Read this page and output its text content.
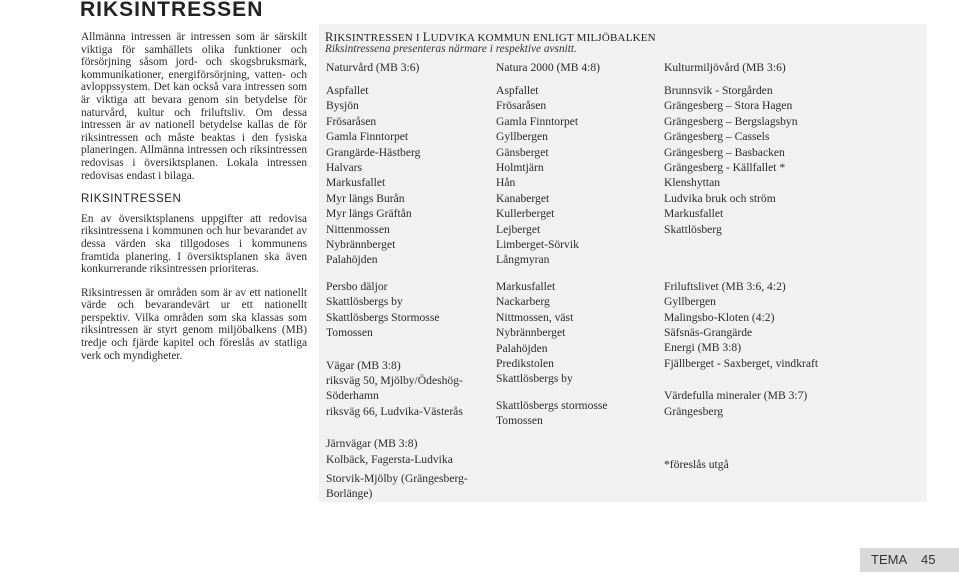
RIKSINTRESSEN

Allmänna intressen är intressen som är särskilt viktiga för samhällets olika funktioner och försörjning såsom jord- och skogsbruksmark, kommunikationer, energiförsörjning, vatten- och avloppssystem. Det kan också vara intressen som är viktiga att bevara genom sin betydelse för naturvård, kultur och friluftsliv. Om dessa intressen är av nationell betydelse kallas de för riksintressen och måste beaktas i den fysiska planeringen. Allmänna intressen och riksintressen redovisas i översiktsplanen. Lokala intressen redovisas endast i bilaga.

RIKSINTRESSEN

En av översiktsplanens uppgifter att redovisa riksintressena i kommunen och hur bevarandet av dessa värden ska tillgodoses i kommunens framtida planering. I översiktsplanen ska även konkurrerande riksintressen prioriteras.

Riksintressen är områden som är av ett nationellt värde och bevarandevärt ur ett nationellt perspektiv. Vilka områden som ska klassas som riksintressen är styrt genom miljöbalkens (MB) tredje och fjärde kapitel och föreslås av statliga verk och myndigheter.

RIKSINTRESSEN I LUDVIKA KOMMUN ENLIGT MILJÖBALKEN
Riksintressena presenteras närmare i respektive avsnitt.
Naturvård (MB 3:6)
Aspfallet
Bysjön
Frösaråsen
Gamla Finntorpet
Grangärde-Hästberg
Halvars
Markusfallet
Myr längs Burån
Myr längs Gräftån
Nittenmossen
Nybrännberget
Palahöjden
Persbo däljor
Skattlösbergs by
Skattlösbergs Stormosse
Tomossen
Vägar (MB 3:8)
riksväg 50, Mjölby/Ödeshög-Söderhamn
riksväg 66, Ludvika-Västerås
Järnvägar (MB 3:8)
Kolbäck, Fagersta-Ludvika
Storvik-Mjölby (Grängesberg-Borlänge)
Natura 2000 (MB 4:8)
Aspfallet
Frösaråsen
Gamla Finntorpet
Gyllbergen
Gänsberget
Holmtjärn
Hån
Kanaberget
Kullerberget
Lejberget
Limberget-Sörvik
Långmyran
Markusfallet
Nackarberg
Nittmossen, väst
Nybrännberget
Palahöjden
Predikstolen
Skattlösbergs by
Skattlösbergs stormosse
Tomossen
Kulturmiljövård (MB 3:6)
Brunnsvik - Storgården
Grängesberg – Stora Hagen
Grängesberg – Bergslagsbyn
Grängesberg – Cassels
Grängesberg – Basbacken
Grängesberg - Källfallet *
Klenshyttan
Ludvika bruk och ström
Markusfallet
Skattlösberg
Friluftslivet (MB 3:6, 4:2)
Gyllbergen
Malingsbo-Kloten (4:2)
Säfsnäs-Grangärde
Energi (MB 3:8)
Fjällberget - Saxberget, vindkraft
Värdefulla mineraler (MB 3:7)
Grängesberg
*föreslås utgå
TEMA 45
